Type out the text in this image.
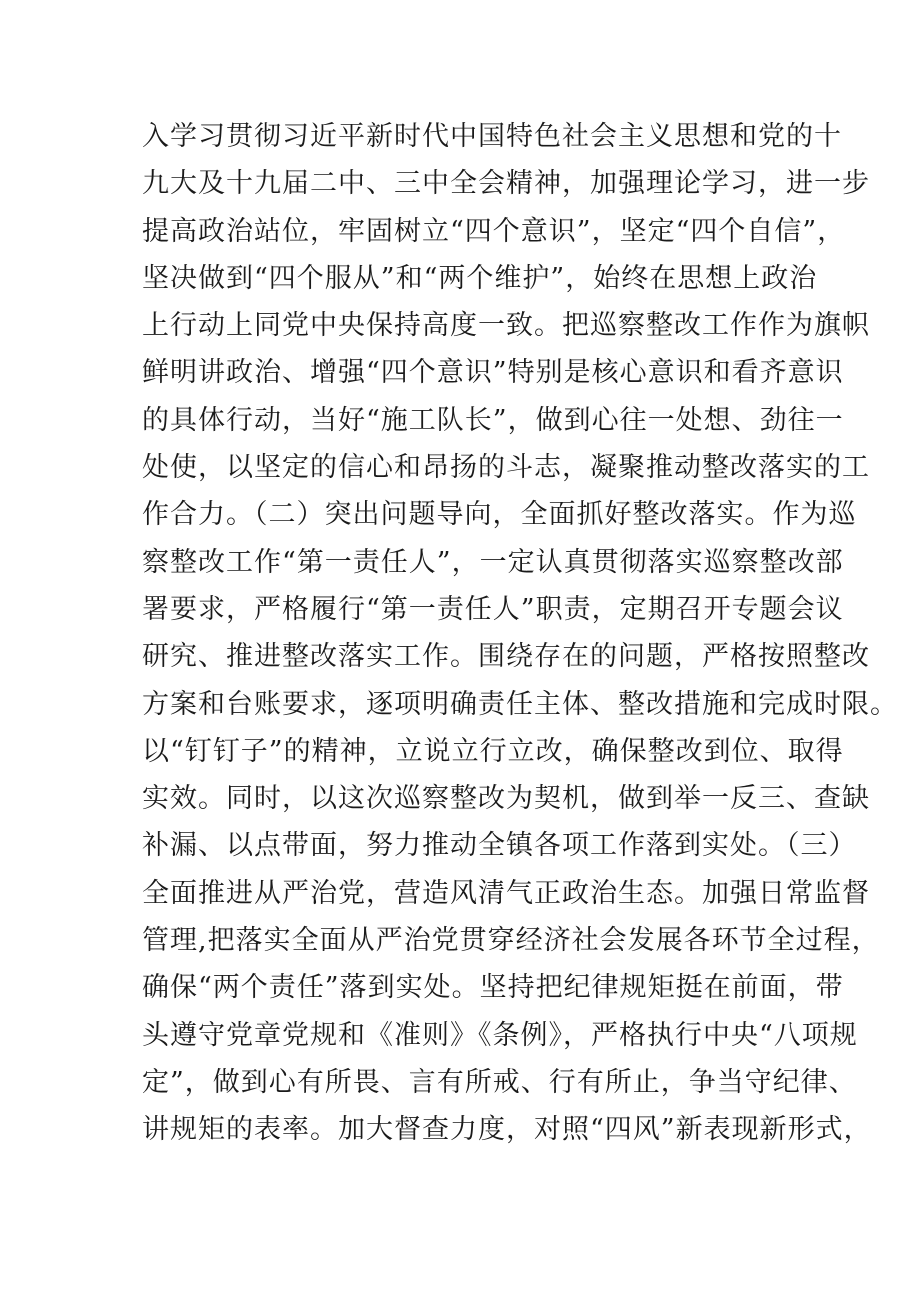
入学习贯彻习近平新时代中国特色社会主义思想和党的十
九大及十九届二中、三中全会精神，加强理论学习，进一步
提高政治站位，牢固树立“四个意识”，坚定“四个自信”，
坚决做到“四个服从”和“两个维护”，始终在思想上政治
上行动上同党中央保持高度一致。把巡察整改工作作为旗帜
鲜明讲政治、增强“四个意识”特别是核心意识和看齐意识
的具体行动，当好“施工队长”，做到心往一处想、劲往一
处使，以坚定的信心和昂扬的斗志，凝聚推动整改落实的工
作合力。（二）突出问题导向，全面抓好整改落实。作为巡
察整改工作“第一责任人”，一定认真贯彻落实巡察整改部
署要求，严格履行“第一责任人”职责，定期召开专题会议
研究、推进整改落实工作。围绕存在的问题，严格按照整改
方案和台账要求，逐项明确责任主体、整改措施和完成时限。
以“钉钉子”的精神，立说立行立改，确保整改到位、取得
实效。同时，以这次巡察整改为契机，做到举一反三、查缺
补漏、以点带面，努力推动全镇各项工作落到实处。（三）
全面推进从严治党，营造风清气正政治生态。加强日常监督
管理,把落实全面从严治党贯穿经济社会发展各环节全过程，
确保“两个责任”落到实处。坚持把纪律规矩挺在前面，带
头遵守党章党规和《准则》《条例》，严格执行中央“八项规
定”，做到心有所畏、言有所戒、行有所止，争当守纪律、
讲规矩的表率。加大督查力度，对照“四风”新表现新形式，
